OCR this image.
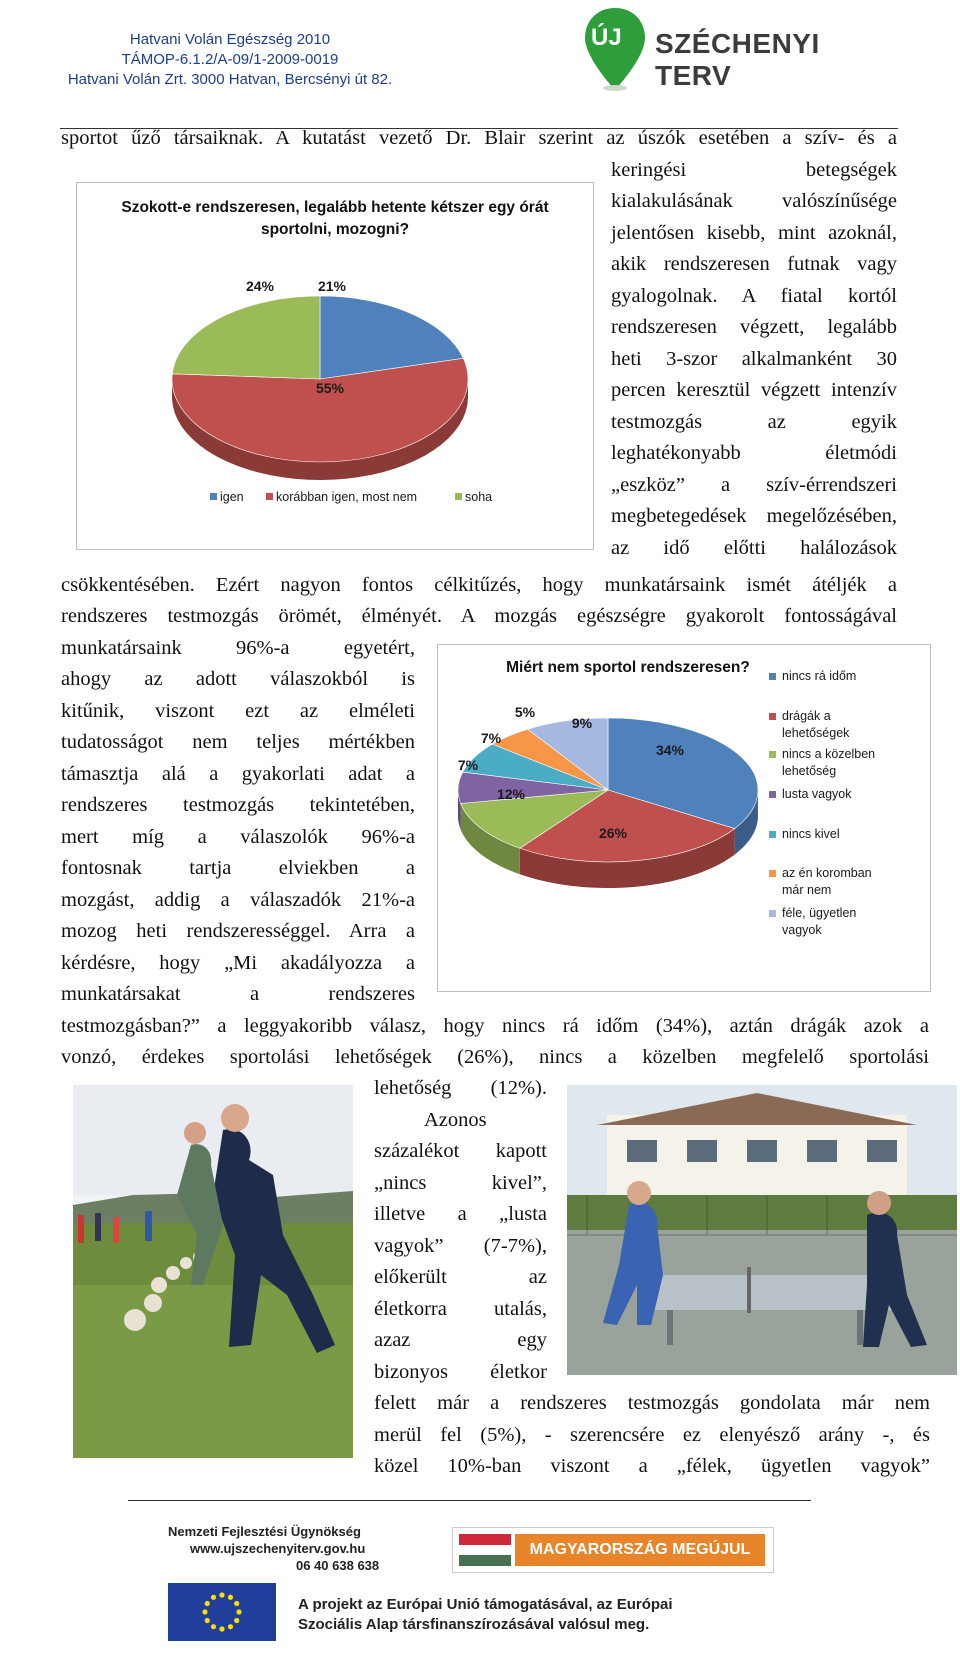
Hatvani Volán Egészség 2010
TÁMOP-6.1.2/A-09/1-2009-0019
Hatvani Volán Zrt. 3000 Hatvan, Bercsényi út 82.
ÚJ SZÉCHENYI TERV
sportot űző társaiknak. A kutatást vezető Dr. Blair szerint az úszók esetében a szív- és a
keringési betegségek
kialakulásának valószínűsége
jelentősen kisebb, mint azoknál,
akik rendszeresen futnak vagy
gyalogolnak. A fiatal kortól
rendszeresen végzett, legalább
heti 3-szor alkalmanként 30
percen keresztül végzett intenzív
testmozgás az egyik
leghatékonyabb életmódi
„eszköz” a szív-érrendszeri
megbetegedések megelőzésében,
az idő előtti halálozások
Szokott-e rendszeresen, legalább hetente kétszer egy órát sportolni, mozogni?
21%
55%
24%
igen	korábban igen, most nem	soha
csökkentésében. Ezért nagyon fontos célkitűzés, hogy munkatársaink ismét átéljék a
rendszeres testmozgás örömét, élményét. A mozgás egészségre gyakorolt fontosságával
munkatársaink 96%-a egyetért,
ahogy az adott válaszokból is
kitűnik, viszont ezt az elméleti
tudatosságot nem teljes mértékben
támasztja alá a gyakorlati adat a
rendszeres testmozgás tekintetében,
mert míg a válaszolók 96%-a
fontosnak tartja elviekben a
mozgást, addig a válaszadók 21%-a
mozog heti rendszerességgel. Arra a
kérdésre, hogy „Mi akadályozza a
munkatársakat a rendszeres
Miért nem sportol rendszeresen?
34%
26%
12%
7%
7%
5%
9%
nincs rá időm
drágák a
lehetőségek
nincs a közelben
lehetőség
lusta vagyok
nincs kivel
az én koromban
már nem
féle, ügyetlen
vagyok
testmozgásban?” a leggyakoribb válasz, hogy nincs rá időm (34%), aztán drágák azok a
vonzó, érdekes sportolási lehetőségek (26%), nincs a közelben megfelelő sportolási
lehetőség (12%).
Azonos
százalékot kapott
„nincs kivel”,
illetve a „lusta
vagyok” (7-7%),
előkerült az
életkorra utalás,
azaz egy
bizonyos életkor
felett már a rendszeres testmozgás gondolata már nem
merül fel (5%), - szerencsére ez elenyésző arány -, és
közel 10%-ban viszont a „félek, ügyetlen vagyok”
Nemzeti Fejlesztési Ügynökség
www.ujszechenyiterv.gov.hu
06 40 638 638
MAGYARORSZÁG MEGÚJUL
A projekt az Európai Unió támogatásával, az Európai
Szociális Alap társfinanszírozásával valósul meg.
